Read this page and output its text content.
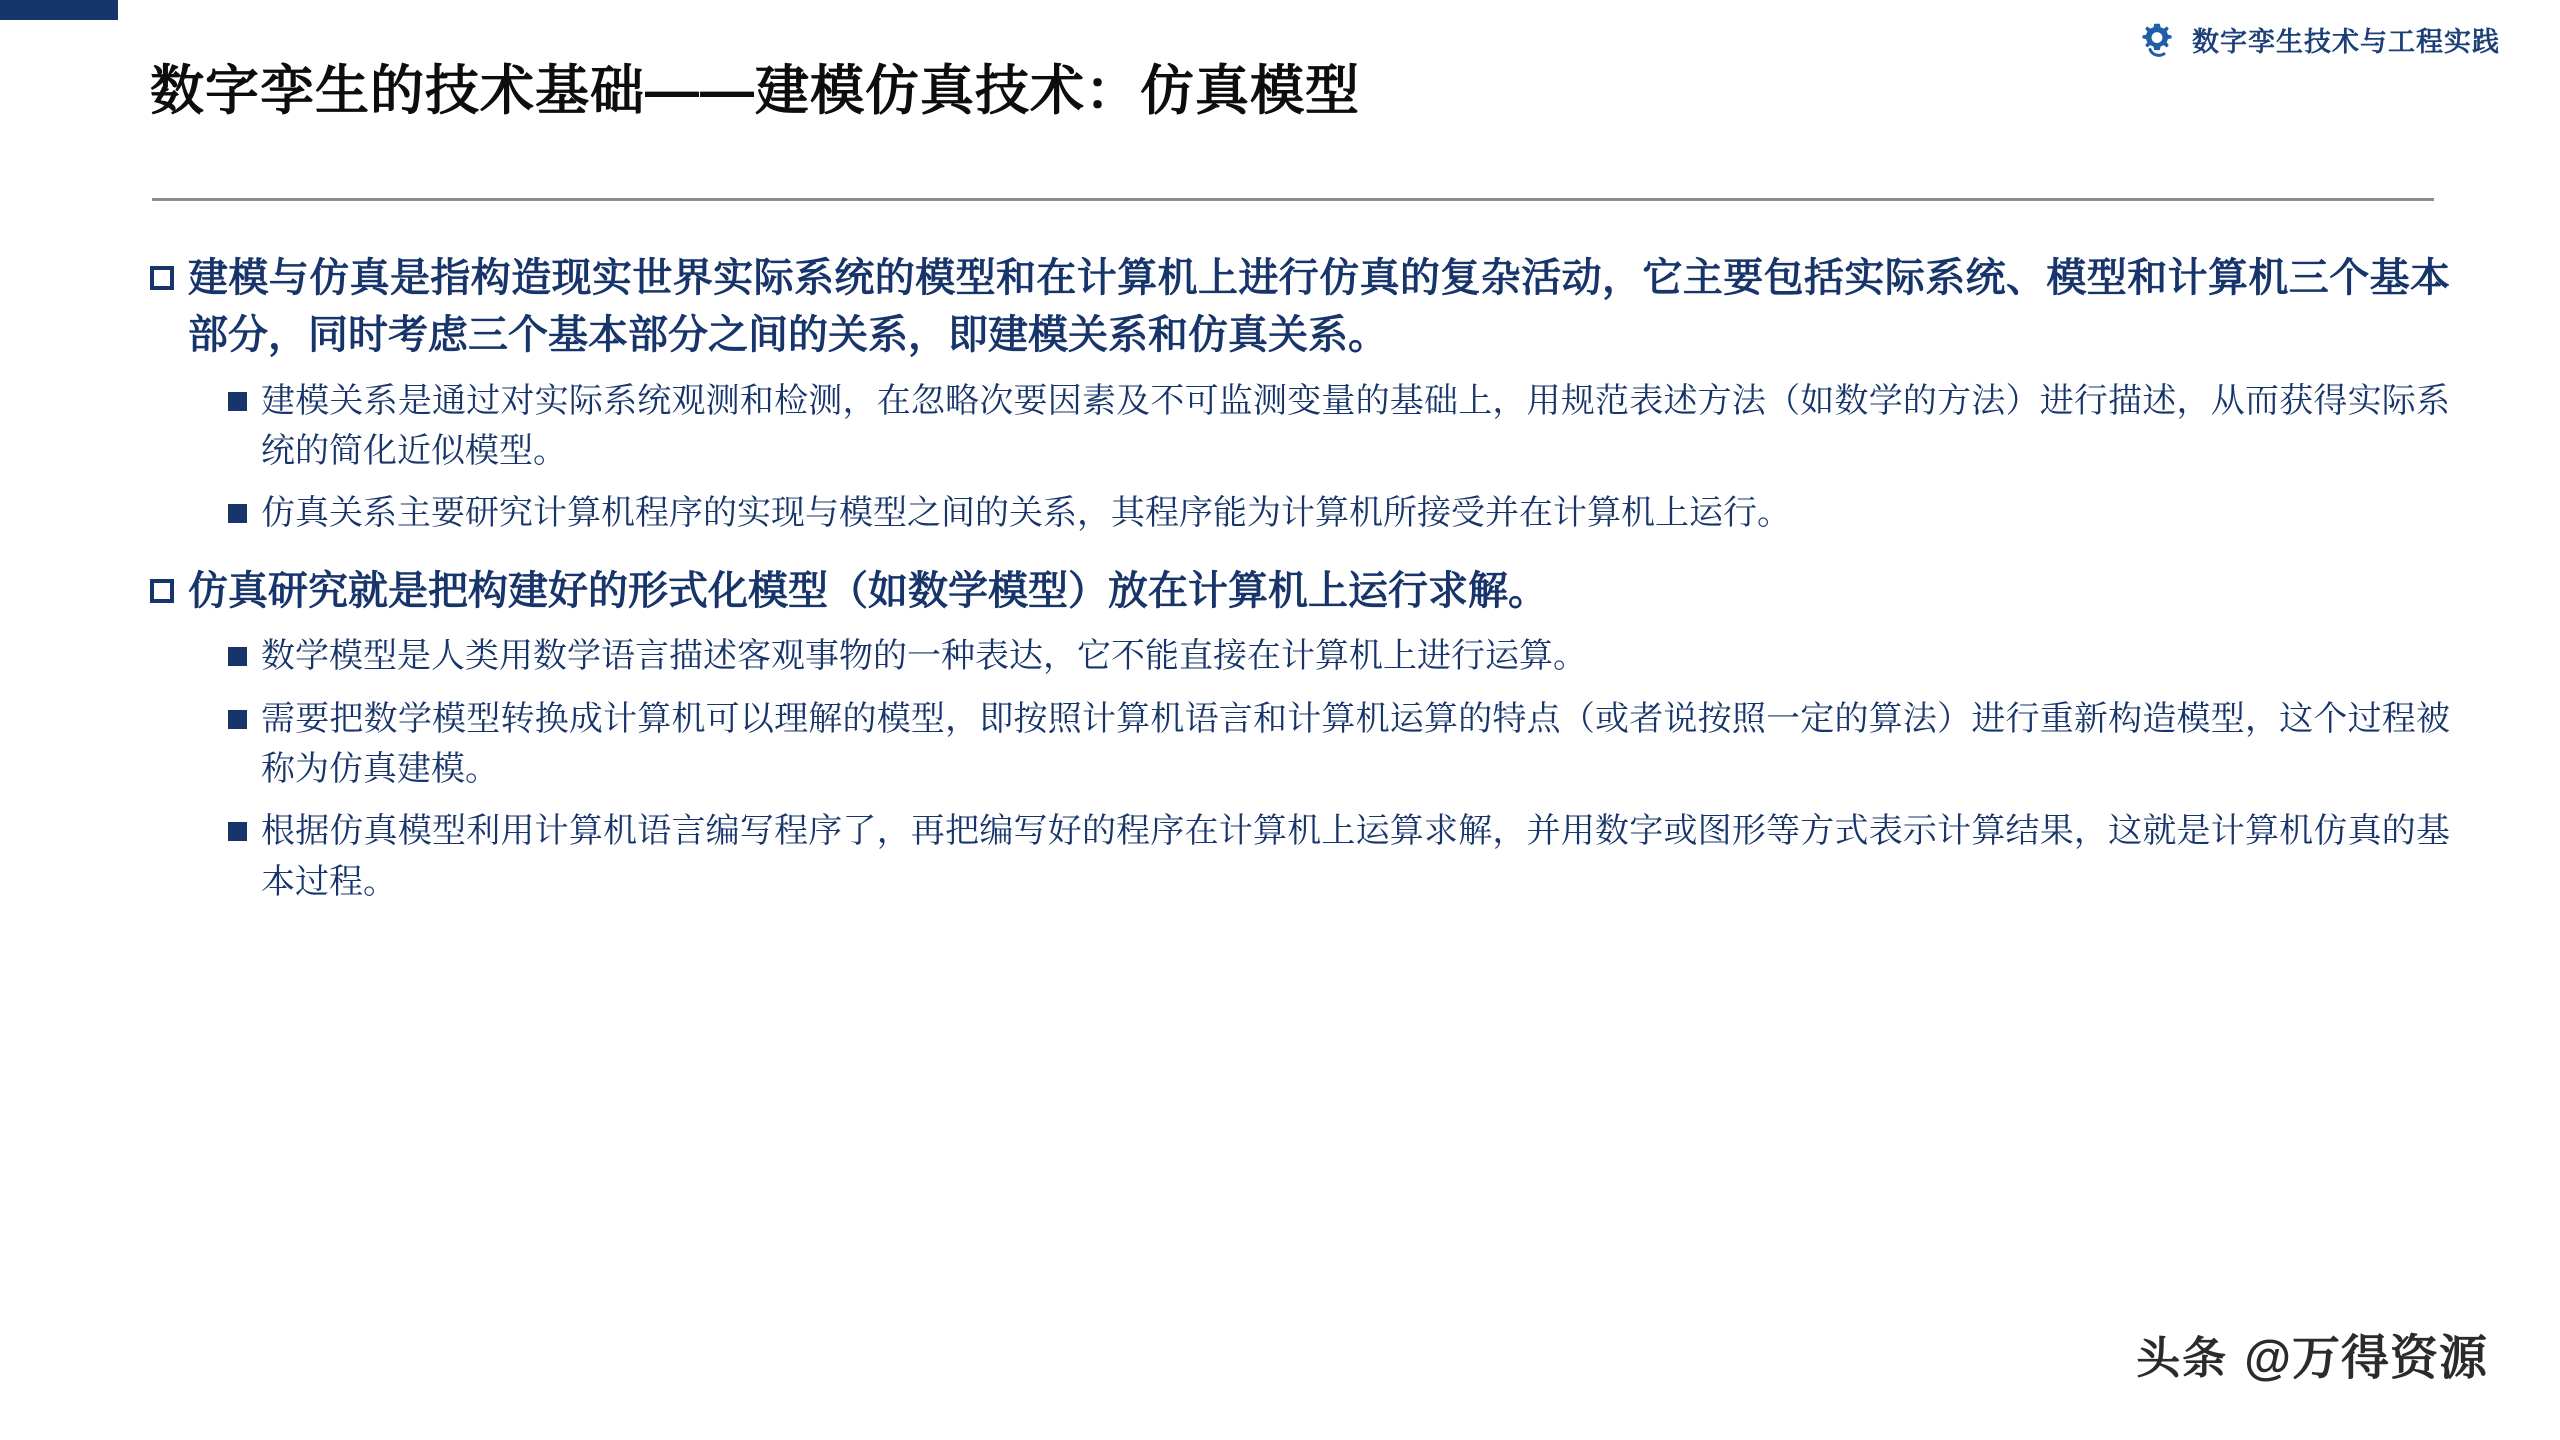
数字孪生技术与工程实践
数字孪生的技术基础——建模仿真技术：仿真模型
建模与仿真是指构造现实世界实际系统的模型和在计算机上进行仿真的复杂活动，它主要包括实际系统、模型和计算机三个基本部分，同时考虑三个基本部分之间的关系，即建模关系和仿真关系。
建模关系是通过对实际系统观测和检测，在忽略次要因素及不可监测变量的基础上，用规范表述方法（如数学的方法）进行描述，从而获得实际系统的简化近似模型。
仿真关系主要研究计算机程序的实现与模型之间的关系，其程序能为计算机所接受并在计算机上运行。
仿真研究就是把构建好的形式化模型（如数学模型）放在计算机上运行求解。
数学模型是人类用数学语言描述客观事物的一种表达，它不能直接在计算机上进行运算。
需要把数学模型转换成计算机可以理解的模型，即按照计算机语言和计算机运算的特点（或者说按照一定的算法）进行重新构造模型，这个过程被称为仿真建模。
根据仿真模型利用计算机语言编写程序了，再把编写好的程序在计算机上运算求解，并用数字或图形等方式表示计算结果，这就是计算机仿真的基本过程。
头条 @万得资源
